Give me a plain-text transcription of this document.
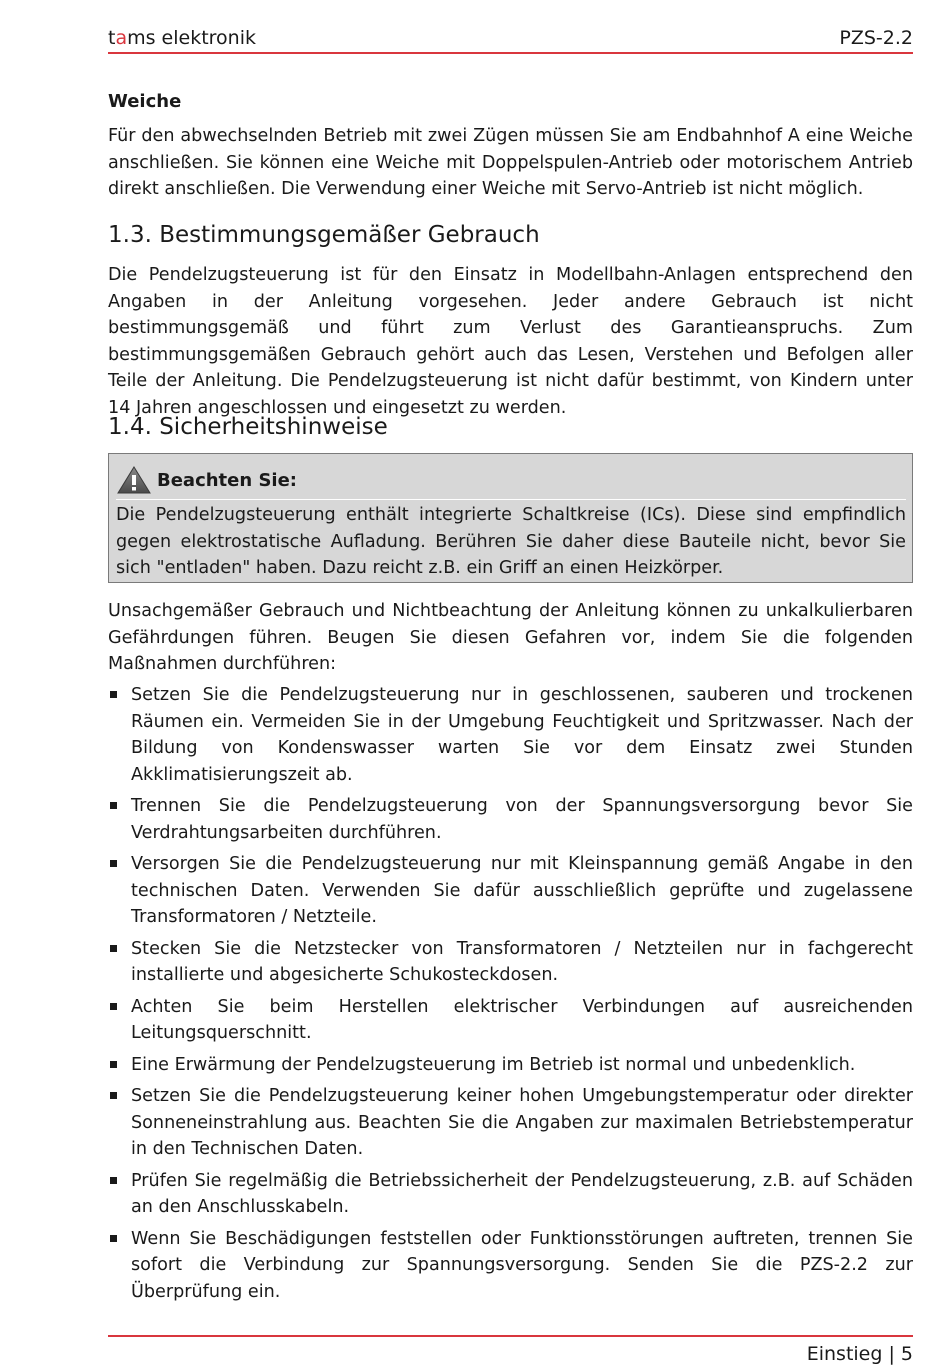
tams elektronik	PZS-2.2
Weiche

Für den abwechselnden Betrieb mit zwei Zügen müssen Sie am Endbahnhof A eine Weiche anschließen. Sie können eine Weiche mit Doppelspulen-Antrieb oder motorischem Antrieb direkt anschließen. Die Verwendung einer Weiche mit Servo-Antrieb ist nicht möglich.

1.3. Bestimmungsgemäßer Gebrauch

Die Pendelzugsteuerung ist für den Einsatz in Modellbahn-Anlagen entsprechend den Angaben in der Anleitung vorgesehen. Jeder andere Gebrauch ist nicht bestimmungsgemäß und führt zum Verlust des Garantieanspruchs. Zum bestimmungsgemäßen Gebrauch gehört auch das Lesen, Verstehen und Befolgen aller Teile der Anleitung. Die Pendelzugsteuerung ist nicht dafür bestimmt, von Kindern unter 14 Jahren angeschlossen und eingesetzt zu werden.

1.4. Sicherheitshinweise
Beachten Sie:
Die Pendelzugsteuerung enthält integrierte Schaltkreise (ICs). Diese sind empfindlich gegen elektrostatische Aufladung. Berühren Sie daher diese Bauteile nicht, bevor Sie sich "entladen" haben. Dazu reicht z.B. ein Griff an einen Heizkörper.

Unsachgemäßer Gebrauch und Nichtbeachtung der Anleitung können zu unkalkulierbaren Gefährdungen führen. Beugen Sie diesen Gefahren vor, indem Sie die folgenden Maßnahmen durchführen:

Setzen Sie die Pendelzugsteuerung nur in geschlossenen, sauberen und trockenen Räumen ein. Vermeiden Sie in der Umgebung Feuchtigkeit und Spritzwasser. Nach der Bildung von Kondenswasser warten Sie vor dem Einsatz zwei Stunden Akklimatisierungszeit ab.
Trennen Sie die Pendelzugsteuerung von der Spannungsversorgung bevor Sie Verdrahtungsarbeiten durchführen.
Versorgen Sie die Pendelzugsteuerung nur mit Kleinspannung gemäß Angabe in den technischen Daten. Verwenden Sie dafür ausschließlich geprüfte und zugelassene Transformatoren / Netzteile.
Stecken Sie die Netzstecker von Transformatoren / Netzteilen nur in fachgerecht installierte und abgesicherte Schukosteckdosen.
Achten Sie beim Herstellen elektrischer Verbindungen auf ausreichenden Leitungsquerschnitt.
Eine Erwärmung der Pendelzugsteuerung im Betrieb ist normal und unbedenklich.
Setzen Sie die Pendelzugsteuerung keiner hohen Umgebungstemperatur oder direkter Sonneneinstrahlung aus. Beachten Sie die Angaben zur maximalen Betriebstemperatur in den Technischen Daten.
Prüfen Sie regelmäßig die Betriebssicherheit der Pendelzugsteuerung, z.B. auf Schäden an den Anschlusskabeln.
Wenn Sie Beschädigungen feststellen oder Funktionsstörungen auftreten, trennen Sie sofort die Verbindung zur Spannungsversorgung. Senden Sie die PZS-2.2 zur Überprüfung ein.
Einstieg | 5
